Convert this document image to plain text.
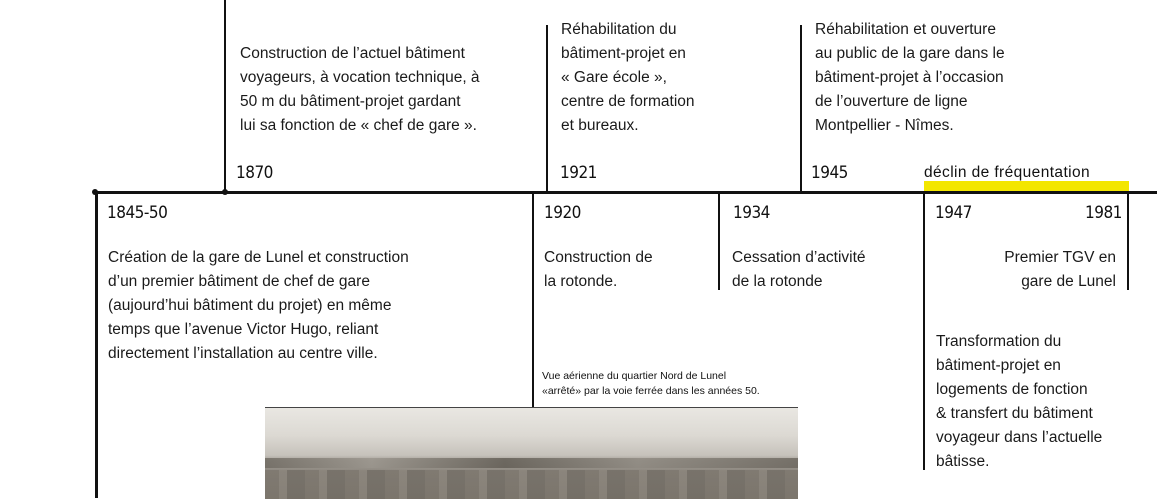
1870
Construction de l’actuel bâtiment
voyageurs, à vocation technique, à
50 m du bâtiment-projet gardant
lui sa fonction de « chef de gare ».
1921
Réhabilitation du
bâtiment-projet en
« Gare école »,
centre de formation
et bureaux.
1945
Réhabilitation et ouverture
au public de la gare dans le
bâtiment-projet à l’occasion
de l’ouverture de ligne
Montpellier - Nîmes.
déclin de fréquentation
1845-50
Création de la gare de Lunel et construction
d’un premier bâtiment de chef de gare
(aujourd’hui bâtiment du projet) en même
temps que l’avenue Victor Hugo, reliant
directement l’installation au centre ville.
1920
Construction de
la rotonde.
1934
Cessation d’activité
de la rotonde
1947	1981
Premier TGV en
gare de Lunel
Transformation du
bâtiment-projet en
logements de fonction
& transfert du bâtiment
voyageur dans l’actuelle
bâtisse.
Vue aérienne du quartier Nord de Lunel
«arrêté» par la voie ferrée dans les années 50.
